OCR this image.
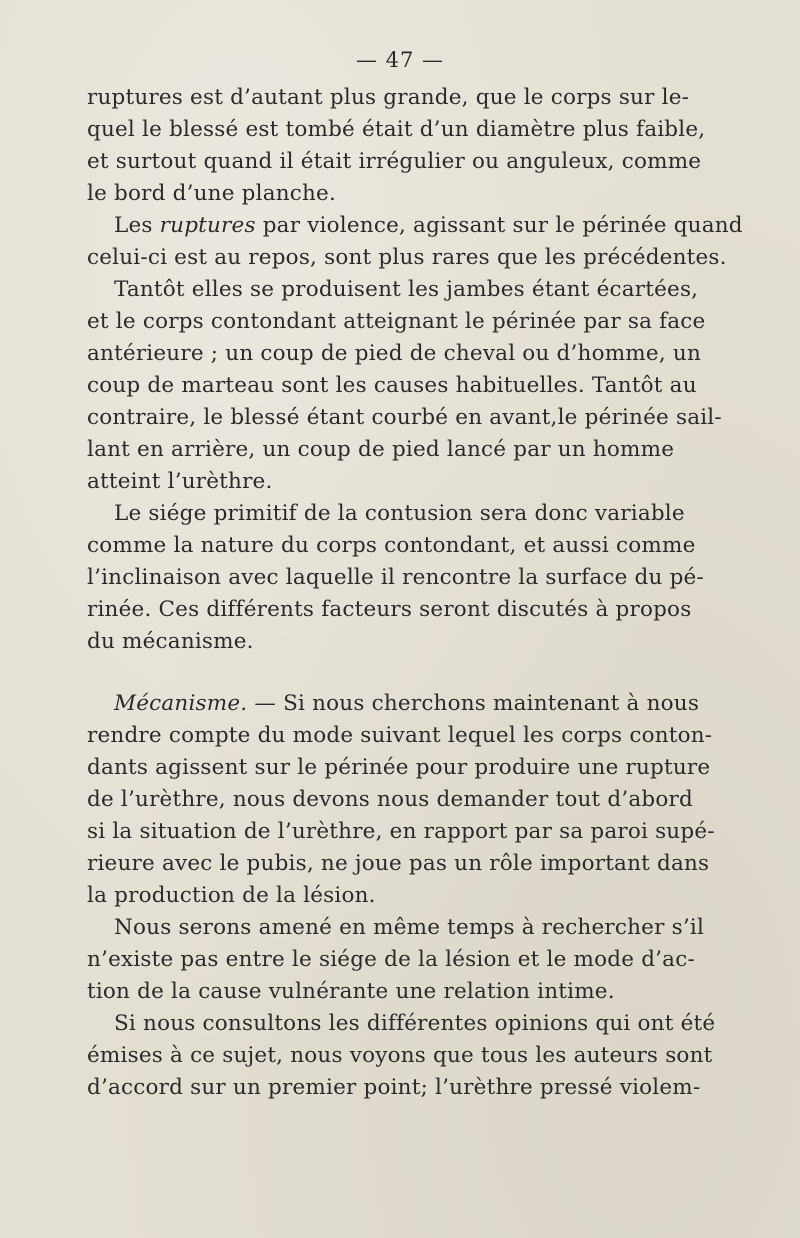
— 47 —
ruptures est d’autant plus grande, que le corps sur le-
quel le blessé est tombé était d’un diamètre plus faible,
et surtout quand il était irrégulier ou anguleux, comme
le bord d’une planche.
Les ruptures par violence, agissant sur le périnée quand
celui-ci est au repos, sont plus rares que les précédentes.
Tantôt elles se produisent les jambes étant écartées,
et le corps contondant atteignant le périnée par sa face
antérieure ; un coup de pied de cheval ou d’homme, un
coup de marteau sont les causes habituelles. Tantôt au
contraire, le blessé étant courbé en avant,le périnée sail-
lant en arrière, un coup de pied lancé par un homme
atteint l’urèthre.
Le siége primitif de la contusion sera donc variable
comme la nature du corps contondant, et aussi comme
l’inclinaison avec laquelle il rencontre la surface du pé-
rinée. Ces différents facteurs seront discutés à propos
du mécanisme.
Mécanisme. — Si nous cherchons maintenant à nous
rendre compte du mode suivant lequel les corps conton-
dants agissent sur le périnée pour produire une rupture
de l’urèthre, nous devons nous demander tout d’abord
si la situation de l’urèthre, en rapport par sa paroi supé-
rieure avec le pubis, ne joue pas un rôle important dans
la production de la lésion.
Nous serons amené en même temps à rechercher s’il
n’existe pas entre le siége de la lésion et le mode d’ac-
tion de la cause vulnérante une relation intime.
Si nous consultons les différentes opinions qui ont été
émises à ce sujet, nous voyons que tous les auteurs sont
d’accord sur un premier point; l’urèthre pressé violem-
